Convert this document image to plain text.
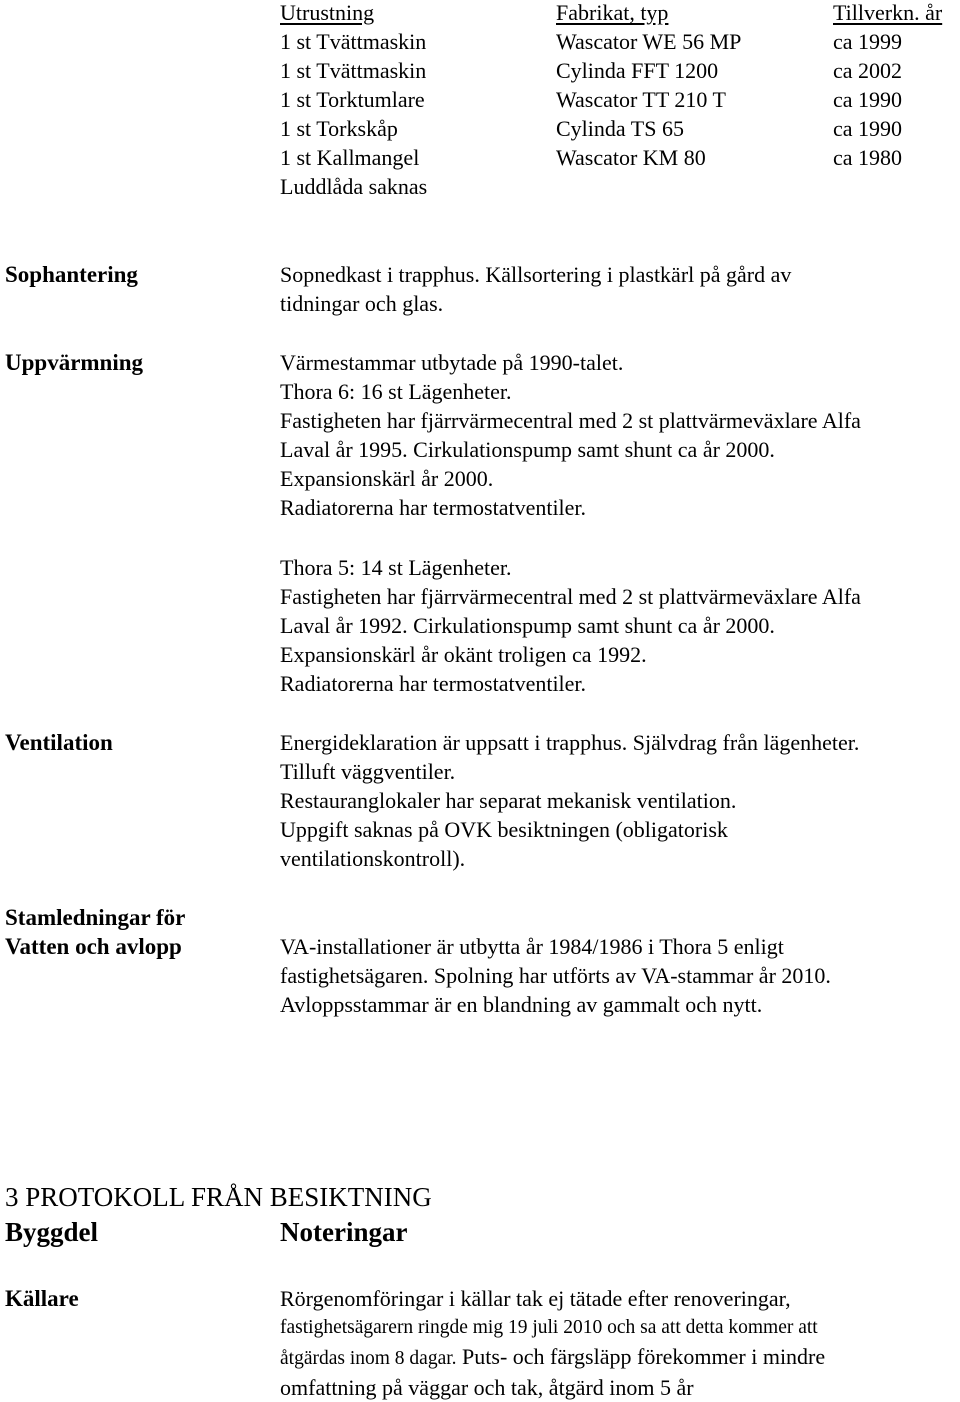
Utrustning	Fabrikat, typ	Tillverkn. år
1 st Tvättmaskin	Wascator WE 56 MP	ca 1999
1 st Tvättmaskin	Cylinda FFT 1200	ca 2002
1 st Torktumlare	Wascator TT 210 T	ca 1990
1 st Torkskåp	Cylinda TS 65	ca 1990
1 st Kallmangel	Wascator KM 80	ca 1980
Luddlåda saknas
Sophantering	Sopnedkast i trapphus. Källsortering i plastkärl på gård av
tidningar och glas.
Uppvärmning	Värmestammar utbytade på 1990-talet.
Thora 6: 16 st Lägenheter.
Fastigheten har fjärrvärmecentral med 2 st plattvärmeväxlare Alfa
Laval år 1995. Cirkulationspump samt shunt ca år 2000.
Expansionskärl år 2000.
Radiatorerna har termostatventiler.
Thora 5: 14 st Lägenheter.
Fastigheten har fjärrvärmecentral med 2 st plattvärmeväxlare Alfa
Laval år 1992. Cirkulationspump samt shunt ca år 2000.
Expansionskärl år okänt troligen ca 1992.
Radiatorerna har termostatventiler.
Ventilation	Energideklaration är uppsatt i trapphus. Självdrag från lägenheter.
Tilluft väggventiler.
Restauranglokaler har separat mekanisk ventilation.
Uppgift saknas på OVK besiktningen (obligatorisk
ventilationskontroll).
Stamledningar för
Vatten och avlopp	VA-installationer är utbytta år 1984/1986 i Thora 5 enligt
fastighetsägaren. Spolning har utförts av VA-stammar år 2010.
Avloppsstammar är en blandning av gammalt och nytt.
3 PROTOKOLL FRÅN BESIKTNING
Byggdel	Noteringar
Källare	Rörgenomföringar i källar tak ej tätade efter renoveringar,
fastighetsägarern ringde mig 19 juli 2010 och sa att detta kommer att
åtgärdas inom 8 dagar. Puts- och färgsläpp förekommer i mindre
omfattning på väggar och tak, åtgärd inom 5 år
